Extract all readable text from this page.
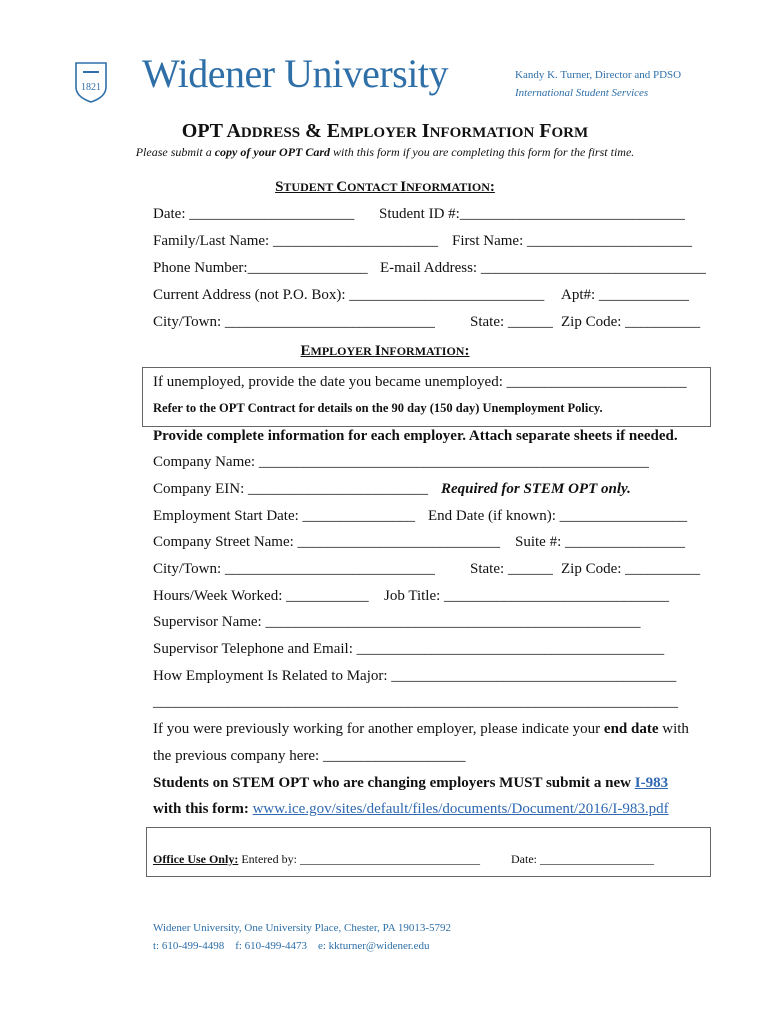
1821 Widener University	Kandy K. Turner, Director and PDSO
International Student Services
OPT ADDRESS & EMPLOYER INFORMATION FORM
Please submit a copy of your OPT Card with this form if you are completing this form for the first time.
STUDENT CONTACT INFORMATION:
Date: ______________________ Student ID #:______________________________
Family/Last Name: ______________________ First Name: ______________________
Phone Number:________________ E-mail Address: ______________________________
Current Address (not P.O. Box): __________________________ Apt#: ____________
City/Town: ____________________________ State: ______ Zip Code: __________
EMPLOYER INFORMATION:
If unemployed, provide the date you became unemployed: ________________________
Refer to the OPT Contract for details on the 90 day (150 day) Unemployment Policy.
Provide complete information for each employer. Attach separate sheets if needed.
Company Name: ____________________________________________________
Company EIN: ________________________ Required for STEM OPT only.
Employment Start Date: _______________ End Date (if known): _________________
Company Street Name: ___________________________ Suite #: ________________
City/Town: ____________________________ State: ______ Zip Code: __________
Hours/Week Worked: ___________ Job Title: ______________________________
Supervisor Name: __________________________________________________
Supervisor Telephone and Email: _________________________________________
How Employment Is Related to Major: ______________________________________
______________________________________________________________________
If you were previously working for another employer, please indicate your end date with
the previous company here: ___________________
Students on STEM OPT who are changing employers MUST submit a new I-983
with this form: www.ice.gov/sites/default/files/documents/Document/2016/I-983.pdf
Office Use Only: Entered by: ______________________________	Date: ___________________
Widener University, One University Place, Chester, PA 19013-5792
t: 610-499-4498    f: 610-499-4473    e: kkturner@widener.edu
